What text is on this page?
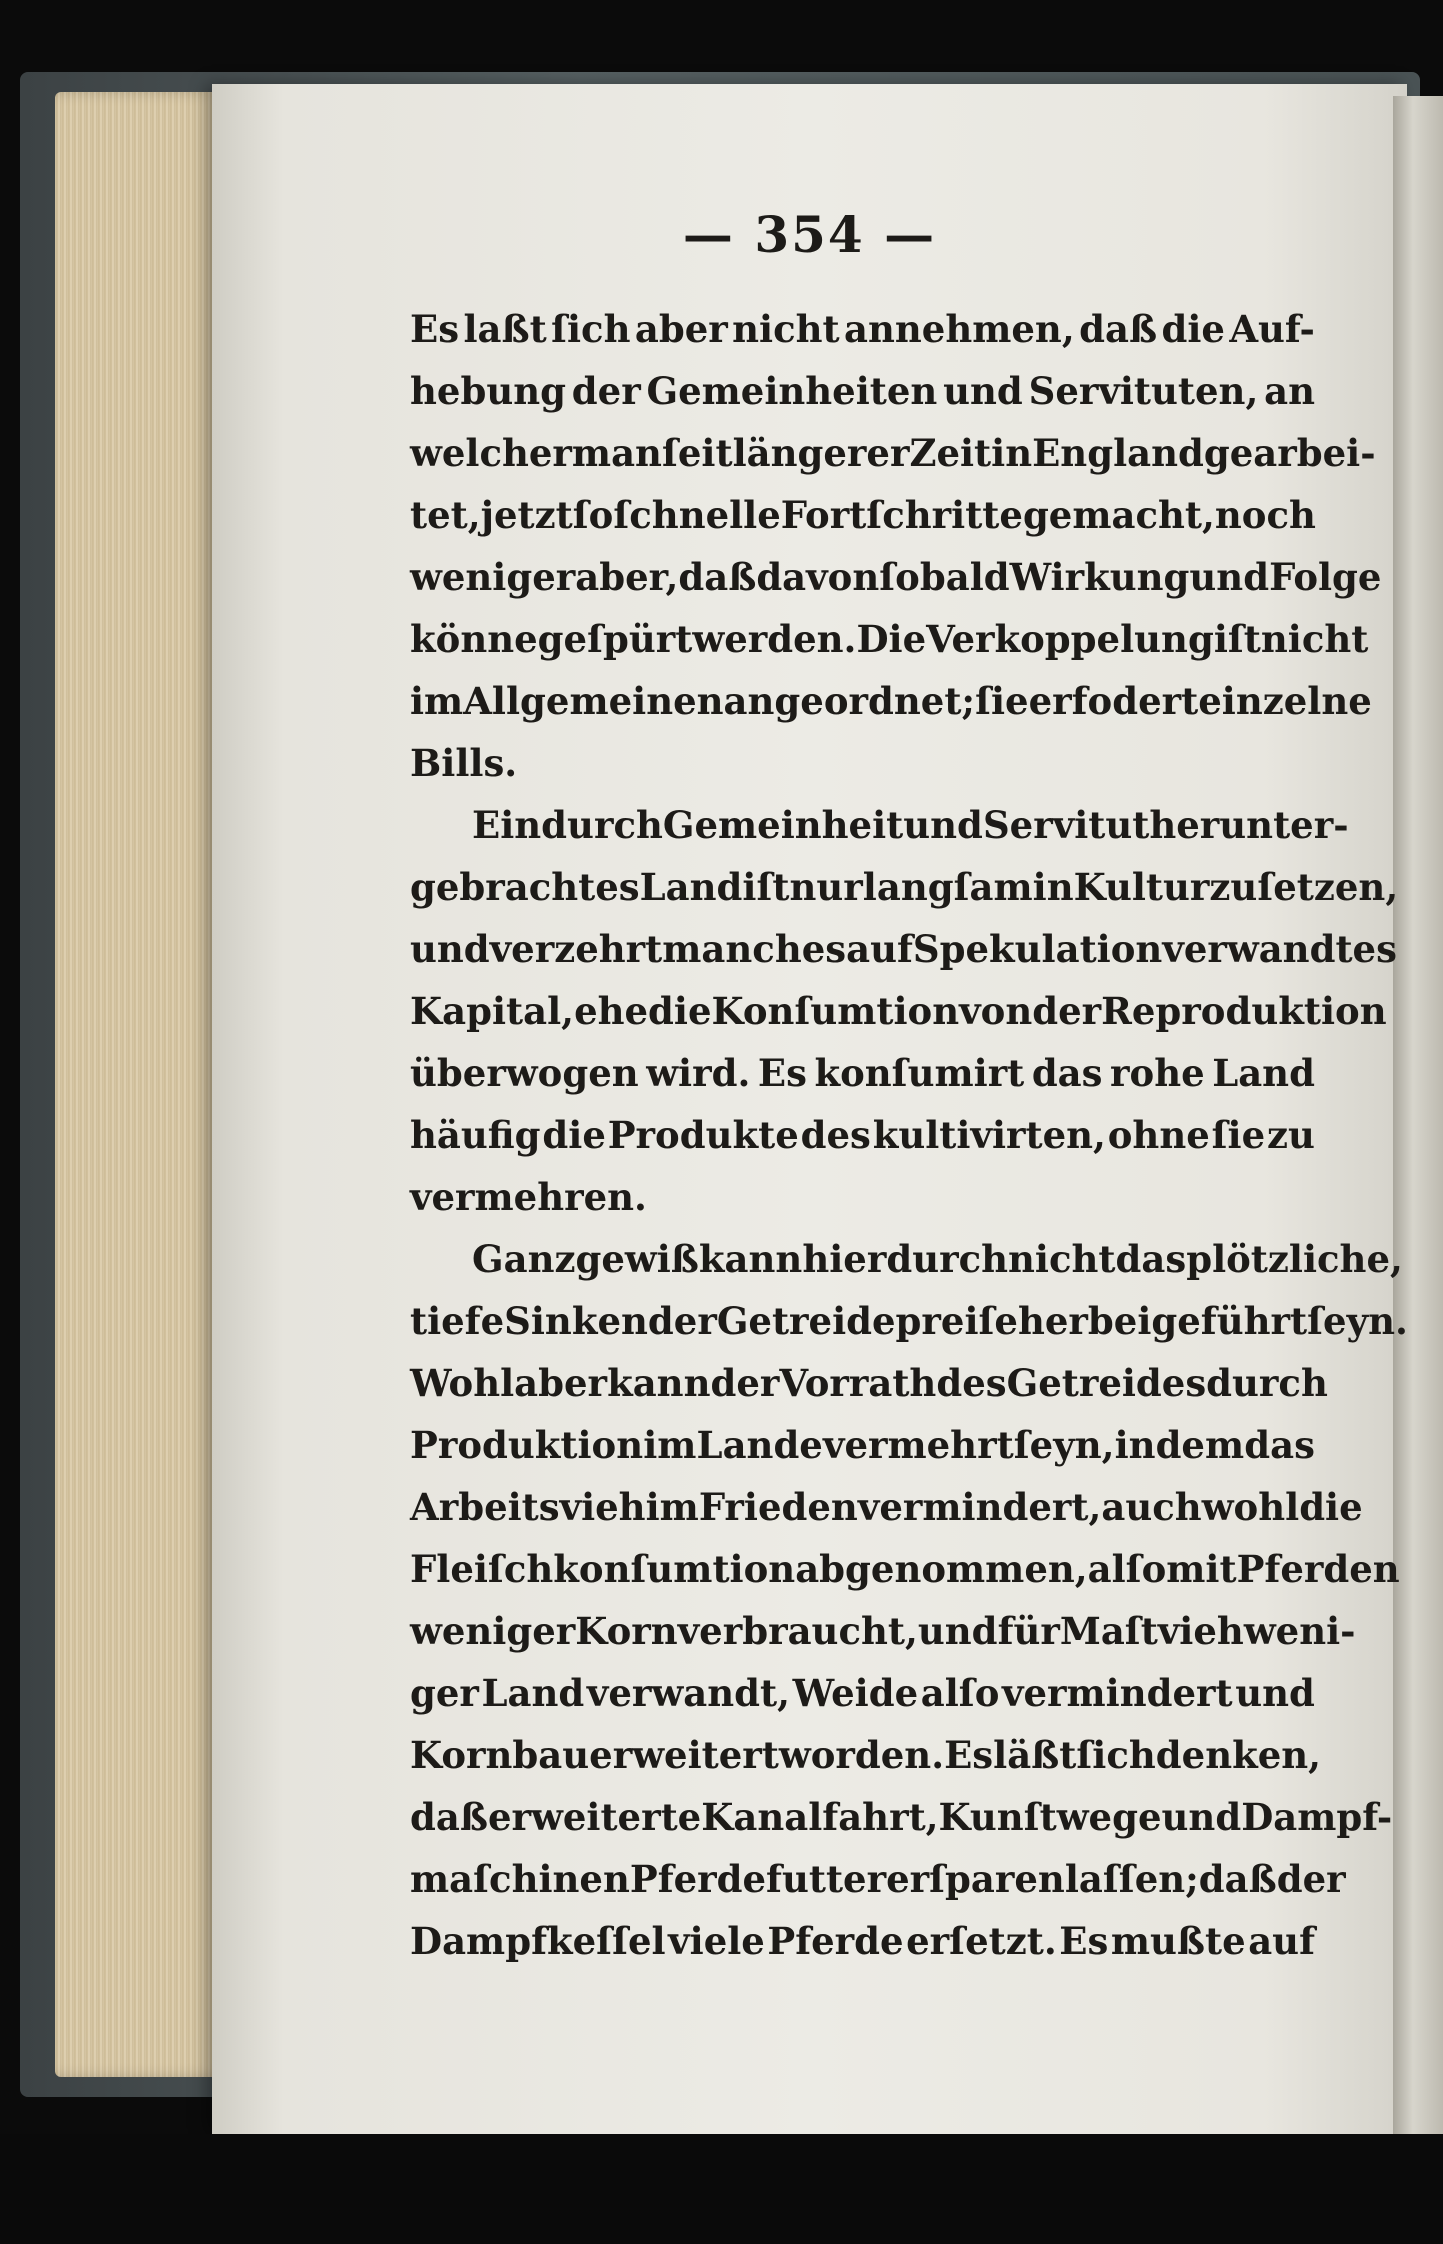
— 354 —
Es laßt ſich aber nicht annehmen, daß die Auf-
hebung der Gemeinheiten und Servituten, an
welcher man ſeit längerer Zeit in England gearbei-
tet, jetzt ſo ſchnelle Fortſchritte gemacht, noch
weniger aber, daß davon ſobald Wirkung und Folge
könne geſpürt werden. Die Verkoppelung iſt nicht
im Allgemeinen angeordnet; ſie erfodert einzelne
Bills.
Ein durch Gemeinheit und Servitut herunter-
gebrachtes Land iſt nur langſam in Kultur zu ſetzen,
und verzehrt manches auf Spekulation verwandtes
Kapital, ehe die Konſumtion von der Reproduktion
überwogen wird. Es konſumirt das rohe Land
häufig die Produkte des kultivirten, ohne ſie zu
vermehren.
Ganz gewiß kann hierdurch nicht das plötzliche,
tiefe Sinken der Getreidepreiſe herbeigeführt ſeyn.
Wohl aber kann der Vorrath des Getreides durch
Produktion im Lande vermehrt ſeyn, indem das
Arbeitsvieh im Frieden vermindert, auch wohl die
Fleiſchkonſumtion abgenommen, alſo mit Pferden
weniger Korn verbraucht, und für Maſtvieh weni-
ger Land verwandt, Weide alſo vermindert und
Kornbau erweitert worden. Es läßt ſich denken,
daß erweiterte Kanalfahrt, Kunſtwege und Dampf-
maſchinen Pferdefutter erſparen laſſen; daß der
Dampfkeſſel viele Pferde erſetzt. Es mußte auf
